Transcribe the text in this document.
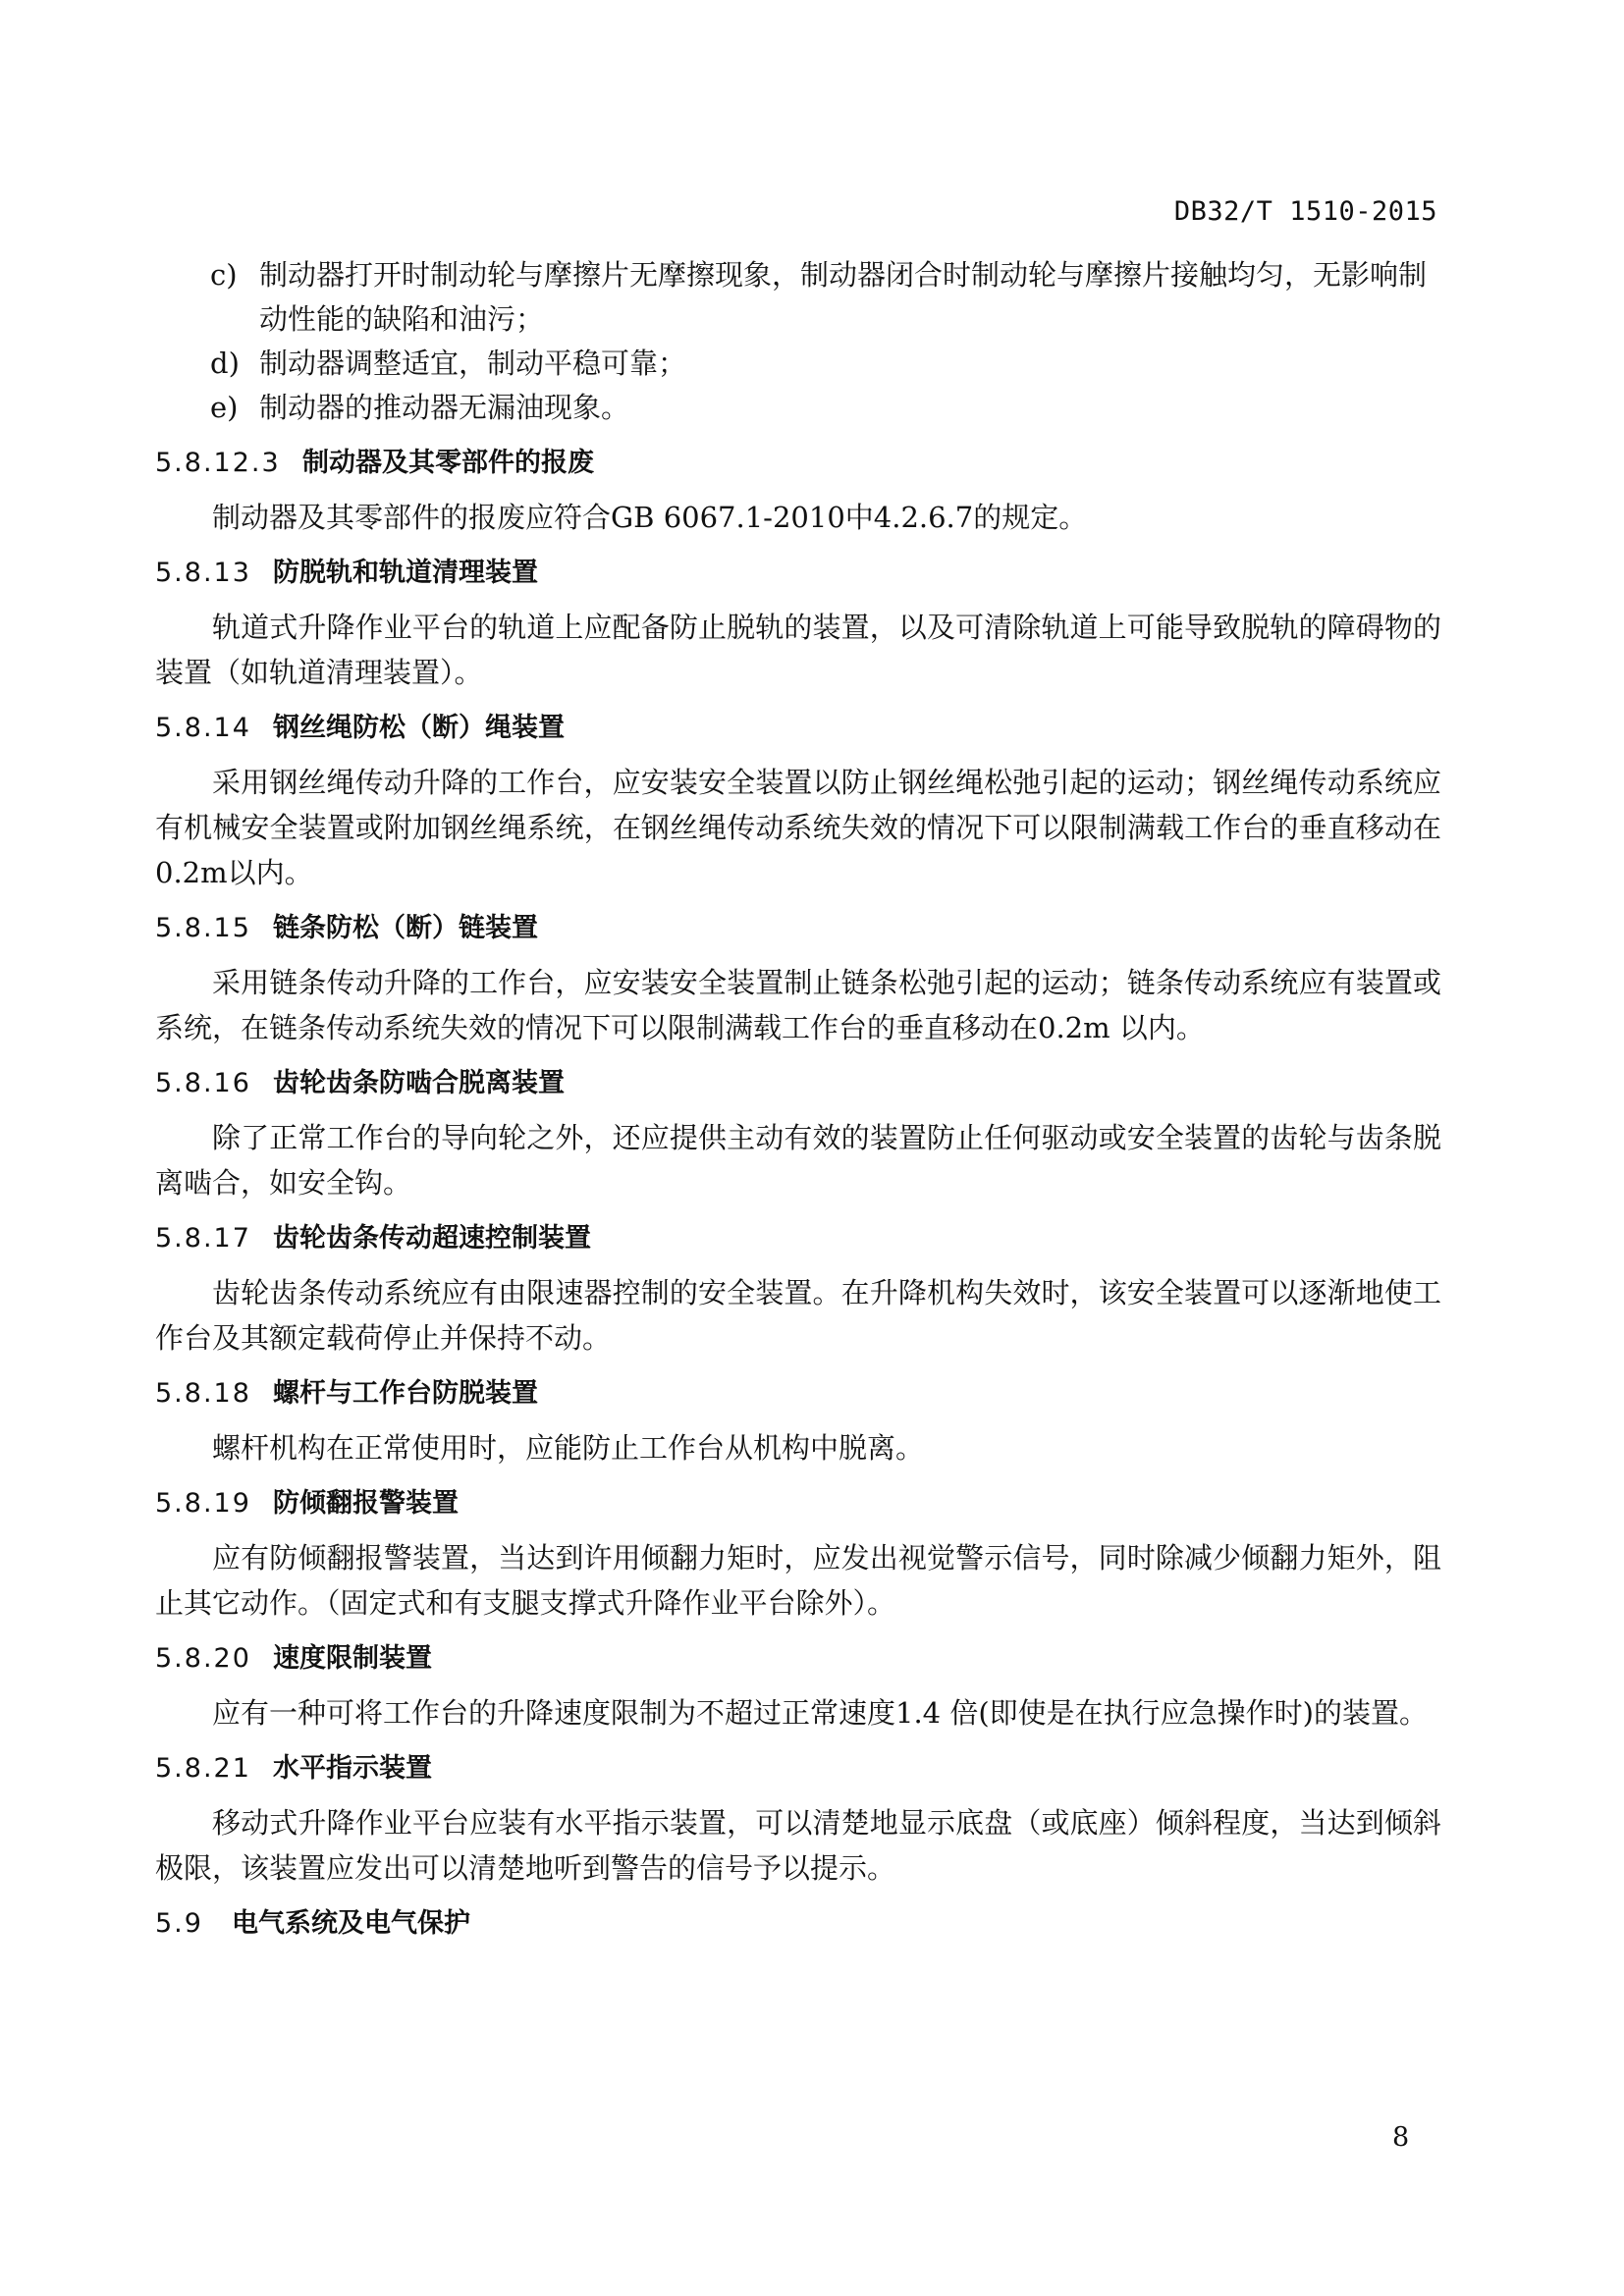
DB32/T 1510-2015
c) 制动器打开时制动轮与摩擦片无摩擦现象，制动器闭合时制动轮与摩擦片接触均匀，无影响制动性能的缺陷和油污；
d) 制动器调整适宜，制动平稳可靠；
e) 制动器的推动器无漏油现象。
5.8.12.3 制动器及其零部件的报废
制动器及其零部件的报废应符合GB 6067.1-2010中4.2.6.7的规定。
5.8.13 防脱轨和轨道清理装置
轨道式升降作业平台的轨道上应配备防止脱轨的装置，以及可清除轨道上可能导致脱轨的障碍物的装置（如轨道清理装置）。
5.8.14 钢丝绳防松（断）绳装置
采用钢丝绳传动升降的工作台，应安装安全装置以防止钢丝绳松弛引起的运动；钢丝绳传动系统应有机械安全装置或附加钢丝绳系统，在钢丝绳传动系统失效的情况下可以限制满载工作台的垂直移动在0.2m以内。
5.8.15 链条防松（断）链装置
采用链条传动升降的工作台，应安装安全装置制止链条松弛引起的运动；链条传动系统应有装置或系统，在链条传动系统失效的情况下可以限制满载工作台的垂直移动在0.2m 以内。
5.8.16 齿轮齿条防啮合脱离装置
除了正常工作台的导向轮之外，还应提供主动有效的装置防止任何驱动或安全装置的齿轮与齿条脱离啮合，如安全钩。
5.8.17 齿轮齿条传动超速控制装置
齿轮齿条传动系统应有由限速器控制的安全装置。在升降机构失效时，该安全装置可以逐渐地使工作台及其额定载荷停止并保持不动。
5.8.18 螺杆与工作台防脱装置
螺杆机构在正常使用时，应能防止工作台从机构中脱离。
5.8.19 防倾翻报警装置
应有防倾翻报警装置，当达到许用倾翻力矩时，应发出视觉警示信号，同时除减少倾翻力矩外，阻止其它动作。（固定式和有支腿支撑式升降作业平台除外）。
5.8.20 速度限制装置
应有一种可将工作台的升降速度限制为不超过正常速度1.4 倍(即使是在执行应急操作时)的装置。
5.8.21 水平指示装置
移动式升降作业平台应装有水平指示装置，可以清楚地显示底盘（或底座）倾斜程度，当达到倾斜极限，该装置应发出可以清楚地听到警告的信号予以提示。
5.9 电气系统及电气保护
8
